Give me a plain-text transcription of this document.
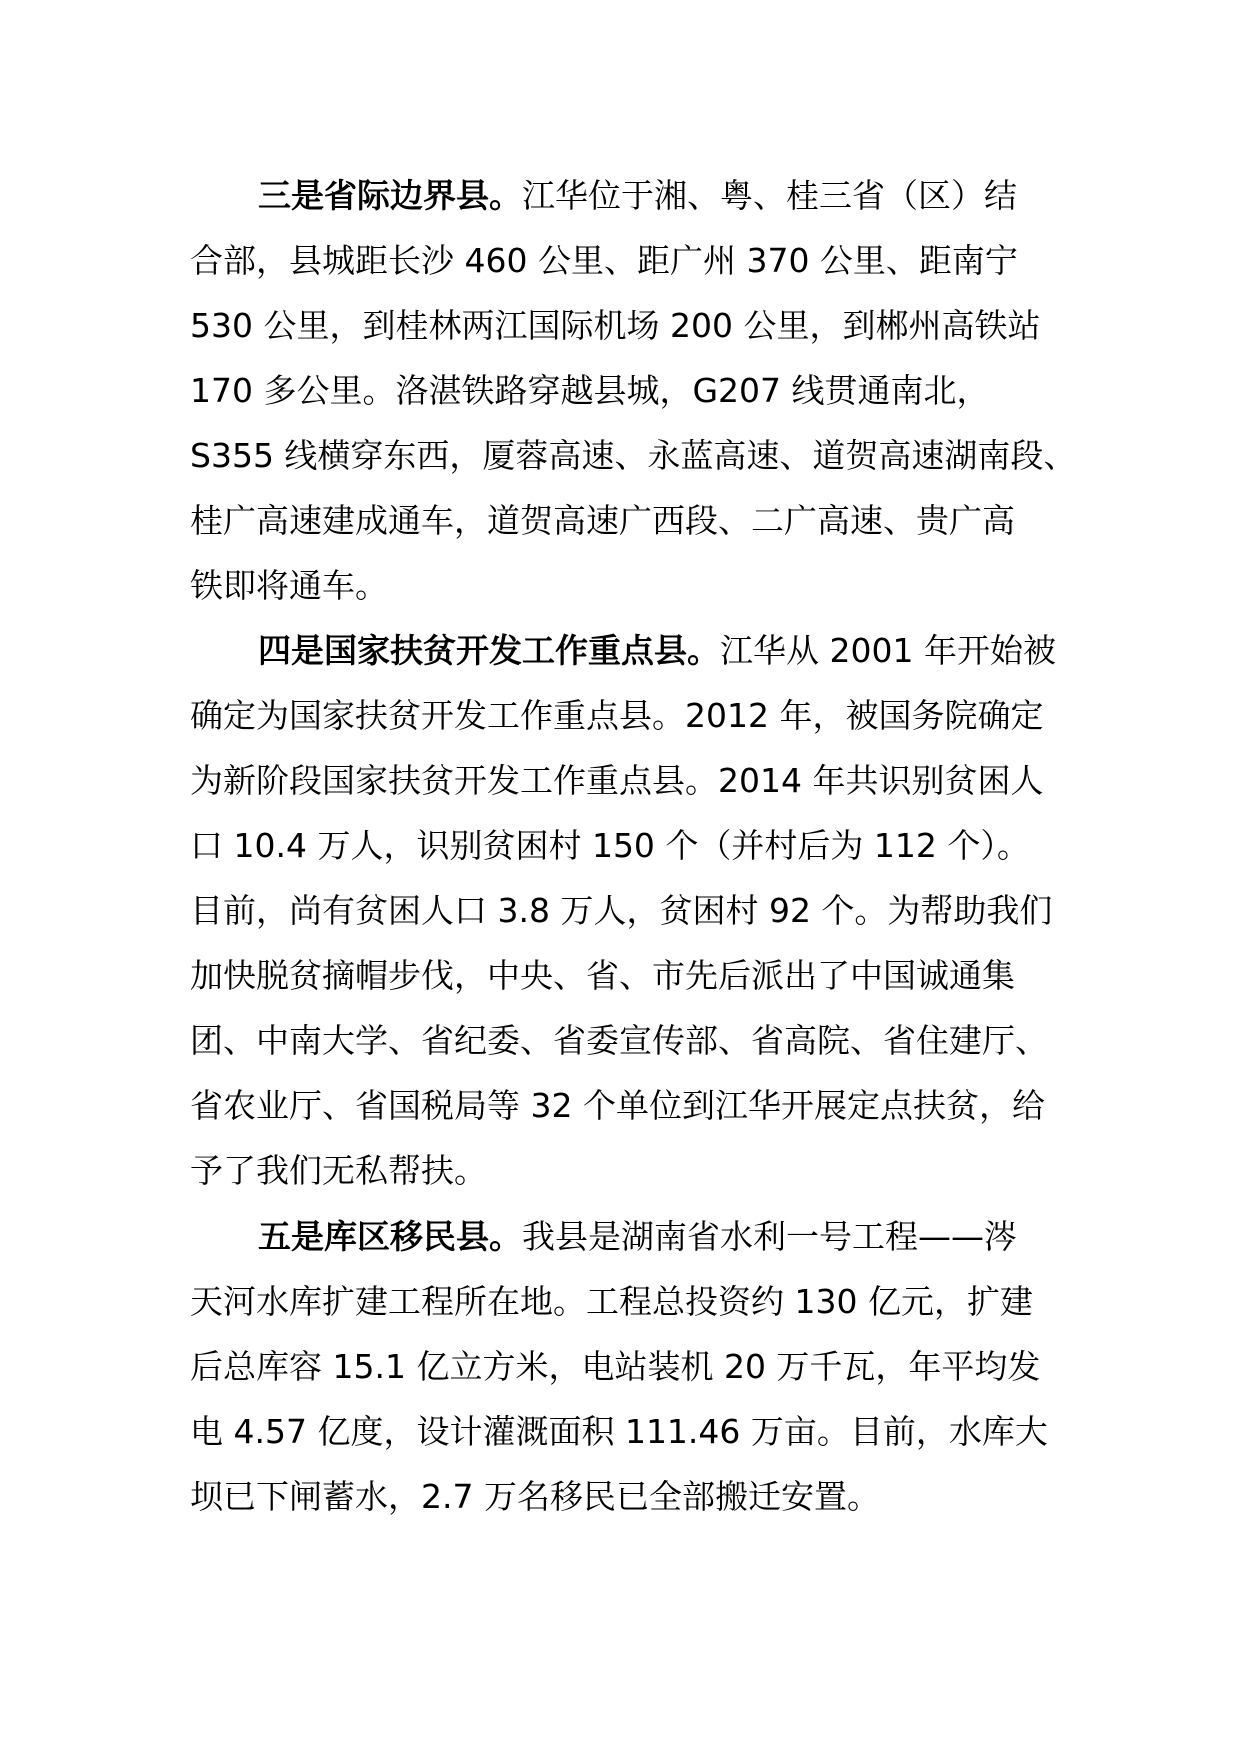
三是省际边界县。江华位于湘、粤、桂三省（区）结
合部，县城距长沙 460 公里、距广州 370 公里、距南宁
530 公里，到桂林两江国际机场 200 公里，到郴州高铁站
170 多公里。洛湛铁路穿越县城，G207 线贯通南北，
S355 线横穿东西，厦蓉高速、永蓝高速、道贺高速湖南段、
桂广高速建成通车，道贺高速广西段、二广高速、贵广高
铁即将通车。
四是国家扶贫开发工作重点县。江华从 2001 年开始被
确定为国家扶贫开发工作重点县。2012 年，被国务院确定
为新阶段国家扶贫开发工作重点县。2014 年共识别贫困人
口 10.4 万人，识别贫困村 150 个（并村后为 112 个）。
目前，尚有贫困人口 3.8 万人，贫困村 92 个。为帮助我们
加快脱贫摘帽步伐，中央、省、市先后派出了中国诚通集
团、中南大学、省纪委、省委宣传部、省高院、省住建厅、
省农业厅、省国税局等 32 个单位到江华开展定点扶贫，给
予了我们无私帮扶。
五是库区移民县。我县是湖南省水利一号工程——涔
天河水库扩建工程所在地。工程总投资约 130 亿元，扩建
后总库容 15.1 亿立方米，电站装机 20 万千瓦，年平均发
电 4.57 亿度，设计灌溉面积 111.46 万亩。目前，水库大
坝已下闸蓄水，2.7 万名移民已全部搬迁安置。
